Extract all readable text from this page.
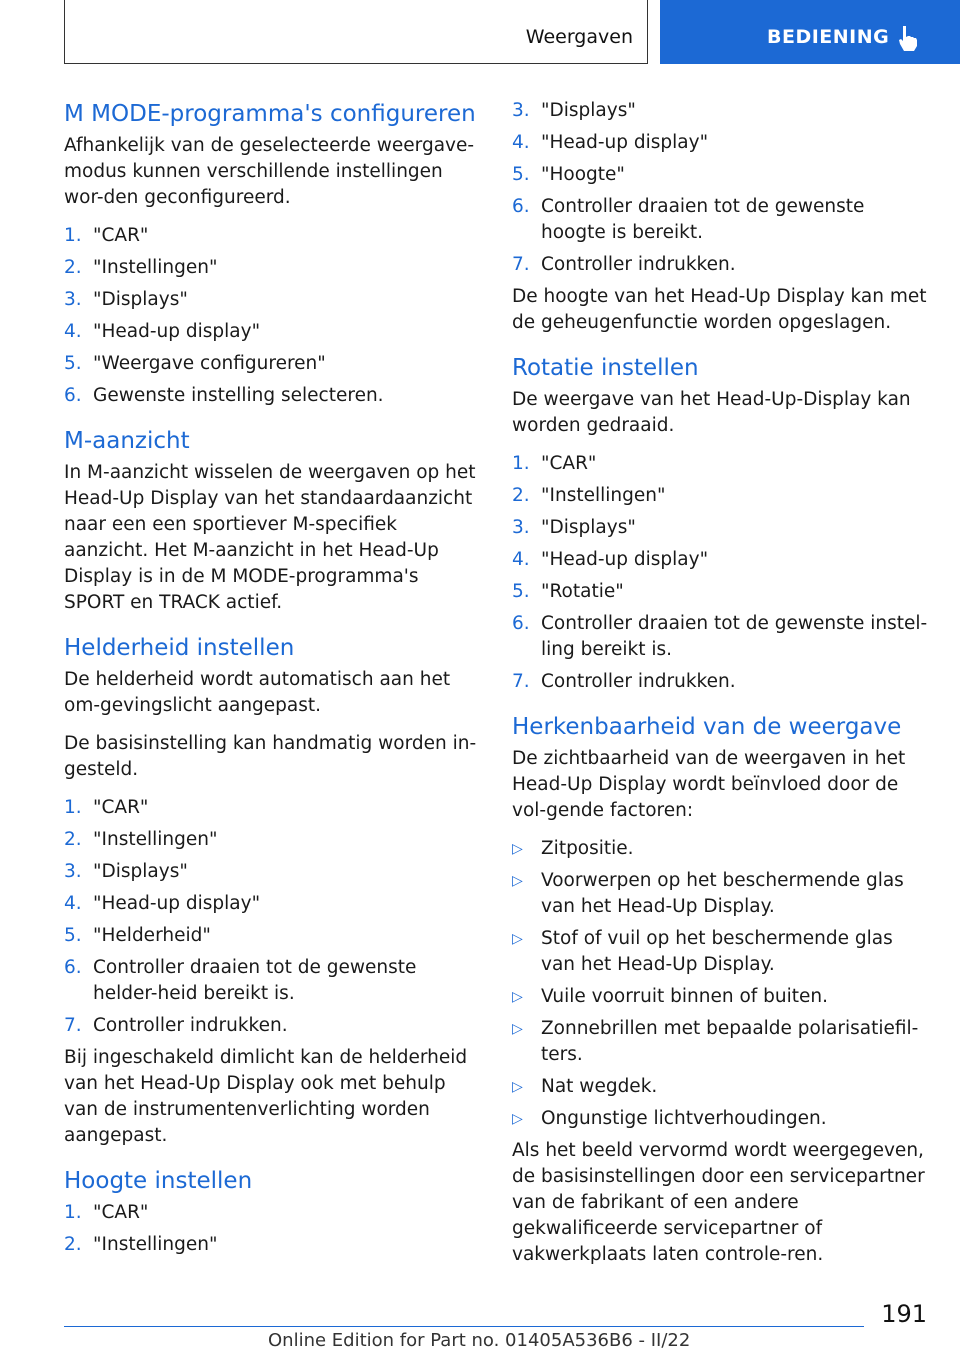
Weergaven	BEDIENING
M MODE-programma's configureren

Afhankelijk van de geselecteerde weergave-modus kunnen verschillende instellingen wor-den geconfigureerd.

1. "CAR"
2. "Instellingen"
3. "Displays"
4. "Head-up display"
5. "Weergave configureren"
6. Gewenste instelling selecteren.
M-aanzicht

In M-aanzicht wisselen de weergaven op het Head-Up Display van het standaardaanzicht naar een een sportiever M-specifiek aanzicht. Het M-aanzicht in het Head-Up Display is in de M MODE-programma's SPORT en TRACK actief.

Helderheid instellen

De helderheid wordt automatisch aan het om-gevingslicht aangepast.

De basisinstelling kan handmatig worden in-gesteld.

1. "CAR"
2. "Instellingen"
3. "Displays"
4. "Head-up display"
5. "Helderheid"
6. Controller draaien tot de gewenste helder-heid bereikt is.
7. Controller indrukken.

Bij ingeschakeld dimlicht kan de helderheid van het Head-Up Display ook met behulp van de instrumentenverlichting worden aangepast.

Hoogte instellen
1. "CAR"
2. "Instellingen"
3. "Displays"
4. "Head-up display"
5. "Hoogte"
6. Controller draaien tot de gewenste hoogte is bereikt.
7. Controller indrukken.

De hoogte van het Head-Up Display kan met de geheugenfunctie worden opgeslagen.

Rotatie instellen

De weergave van het Head-Up-Display kan worden gedraaid.

1. "CAR"
2. "Instellingen"
3. "Displays"
4. "Head-up display"
5. "Rotatie"
6. Controller draaien tot de gewenste instel-ling bereikt is.
7. Controller indrukken.
Herkenbaarheid van de weergave

De zichtbaarheid van de weergaven in het Head-Up Display wordt beïnvloed door de vol-gende factoren:

▷ Zitpositie.
▷ Voorwerpen op het beschermende glas van het Head-Up Display.
▷ Stof of vuil op het beschermende glas van het Head-Up Display.
▷ Vuile voorruit binnen of buiten.
▷ Zonnebrillen met bepaalde polarisatiefil-ters.
▷ Nat wegdek.
▷ Ongunstige lichtverhoudingen.

Als het beeld vervormd wordt weergegeven, de basisinstellingen door een servicepartner van de fabrikant of een andere gekwalificeerde servicepartner of vakwerkplaats laten controle-ren.

191
Online Edition for Part no. 01405A536B6 - II/22
